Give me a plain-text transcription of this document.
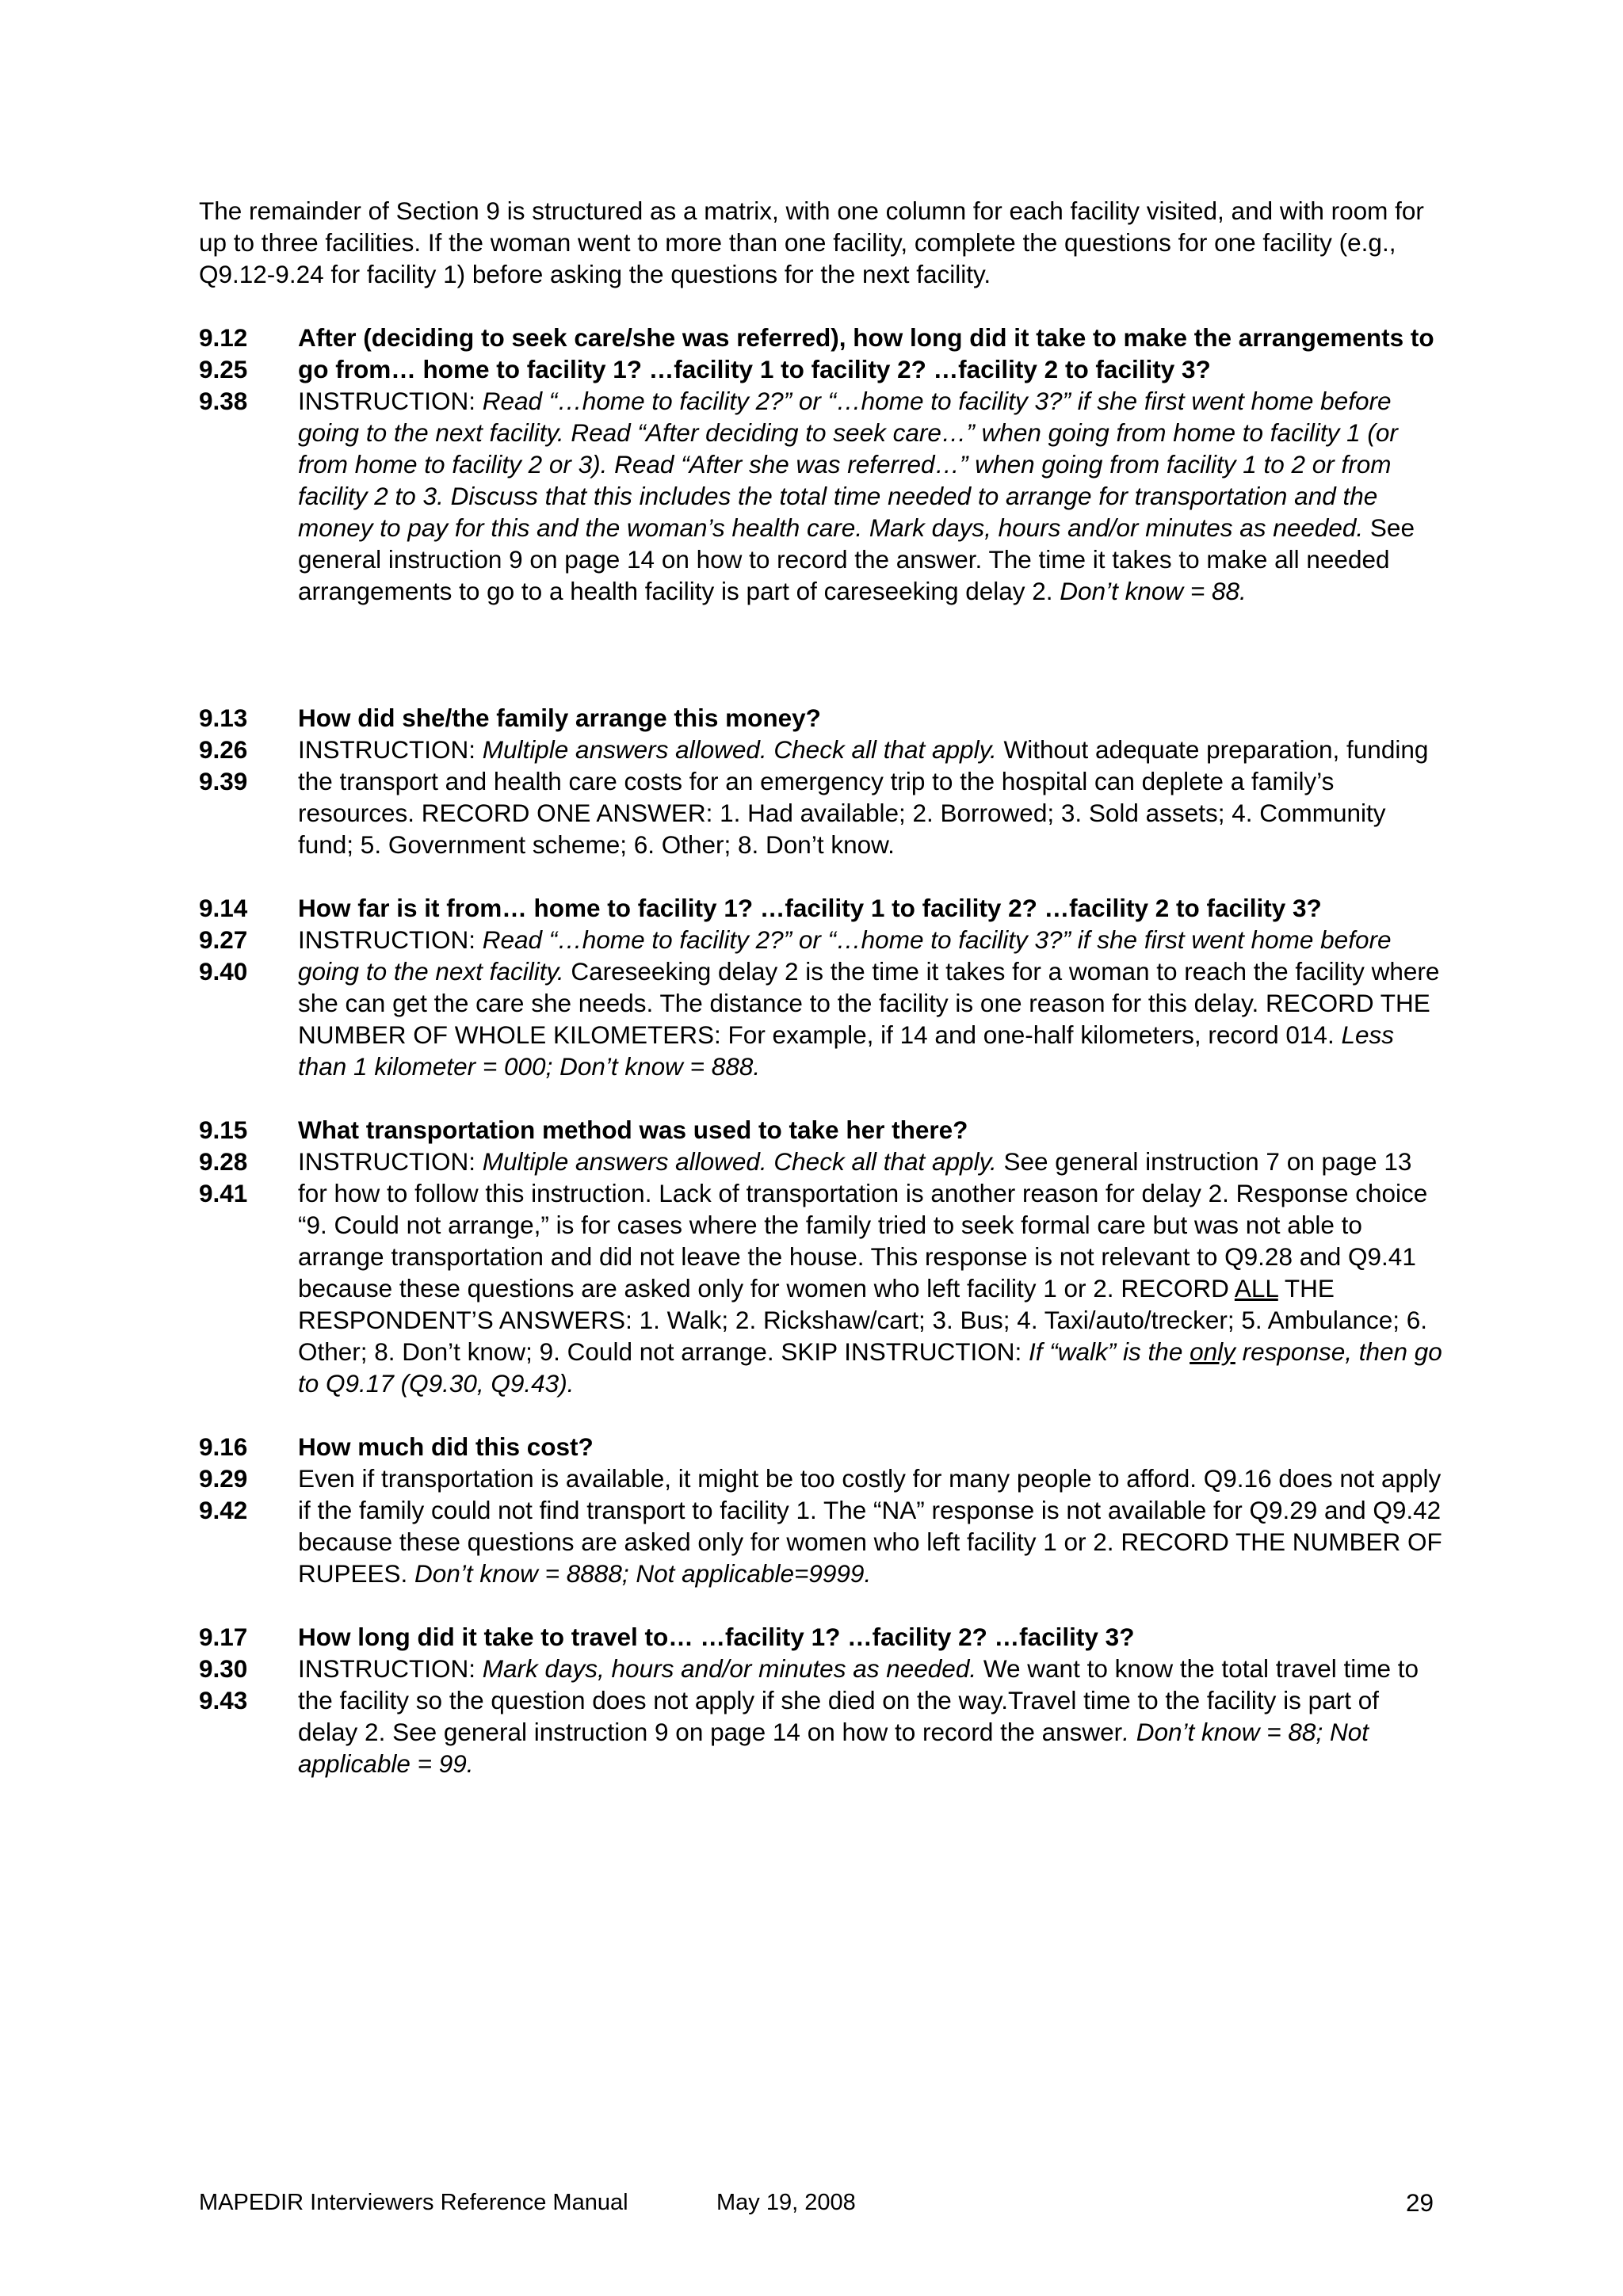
The remainder of Section 9 is structured as a matrix, with one column for each facility visited, and with room for up to three facilities. If the woman went to more than one facility, complete the questions for one facility (e.g., Q9.12-9.24 for facility 1) before asking the questions for the next facility.

9.12
9.25
9.38
After (deciding to seek care/she was referred), how long did it take to make the arrangements to go from… home to facility 1? …facility 1 to facility 2? …facility 2 to facility 3?
INSTRUCTION: Read “…home to facility 2?” or “…home to facility 3?” if she first went home before going to the next facility. Read “After deciding to seek care…” when going from home to facility 1 (or from home to facility 2 or 3). Read “After she was referred…” when going from facility 1 to 2 or from facility 2 to 3. Discuss that this includes the total time needed to arrange for transportation and the money to pay for this and the woman’s health care. Mark days, hours and/or minutes as needed. See general instruction 9 on page 14 on how to record the answer. The time it takes to make all needed arrangements to go to a health facility is part of careseeking delay 2. Don’t know = 88.
9.13
9.26
9.39
How did she/the family arrange this money?
INSTRUCTION: Multiple answers allowed. Check all that apply. Without adequate preparation, funding the transport and health care costs for an emergency trip to the hospital can deplete a family’s resources. RECORD ONE ANSWER: 1. Had available; 2. Borrowed; 3. Sold assets; 4. Community fund; 5. Government scheme; 6. Other; 8. Don’t know.
9.14
9.27
9.40
How far is it from… home to facility 1? …facility 1 to facility 2? …facility 2 to facility 3?
INSTRUCTION: Read “…home to facility 2?” or “…home to facility 3?” if she first went home before going to the next facility. Careseeking delay 2 is the time it takes for a woman to reach the facility where she can get the care she needs. The distance to the facility is one reason for this delay. RECORD THE NUMBER OF WHOLE KILOMETERS: For example, if 14 and one-half kilometers, record 014. Less than 1 kilometer = 000; Don’t know = 888.
9.15
9.28
9.41
What transportation method was used to take her there?
INSTRUCTION: Multiple answers allowed. Check all that apply. See general instruction 7 on page 13 for how to follow this instruction. Lack of transportation is another reason for delay 2. Response choice “9. Could not arrange,” is for cases where the family tried to seek formal care but was not able to arrange transportation and did not leave the house. This response is not relevant to Q9.28 and Q9.41 because these questions are asked only for women who left facility 1 or 2. RECORD ALL THE RESPONDENT’S ANSWERS: 1. Walk; 2. Rickshaw/cart; 3. Bus; 4. Taxi/auto/trecker; 5. Ambulance; 6. Other; 8. Don’t know; 9. Could not arrange. SKIP INSTRUCTION: If “walk” is the only response, then go to Q9.17 (Q9.30, Q9.43).
9.16
9.29
9.42
How much did this cost?
Even if transportation is available, it might be too costly for many people to afford. Q9.16 does not apply if the family could not find transport to facility 1. The “NA” response is not available for Q9.29 and Q9.42 because these questions are asked only for women who left facility 1 or 2. RECORD THE NUMBER OF RUPEES. Don’t know = 8888; Not applicable=9999.
9.17
9.30
9.43
How long did it take to travel to… …facility 1? …facility 2? …facility 3?
INSTRUCTION: Mark days, hours and/or minutes as needed. We want to know the total travel time to the facility so the question does not apply if she died on the way.Travel time to the facility is part of delay 2. See general instruction 9 on page 14 on how to record the answer. Don’t know = 88; Not applicable = 99.
MAPEDIR Interviewers Reference Manual	May 19, 2008	29
